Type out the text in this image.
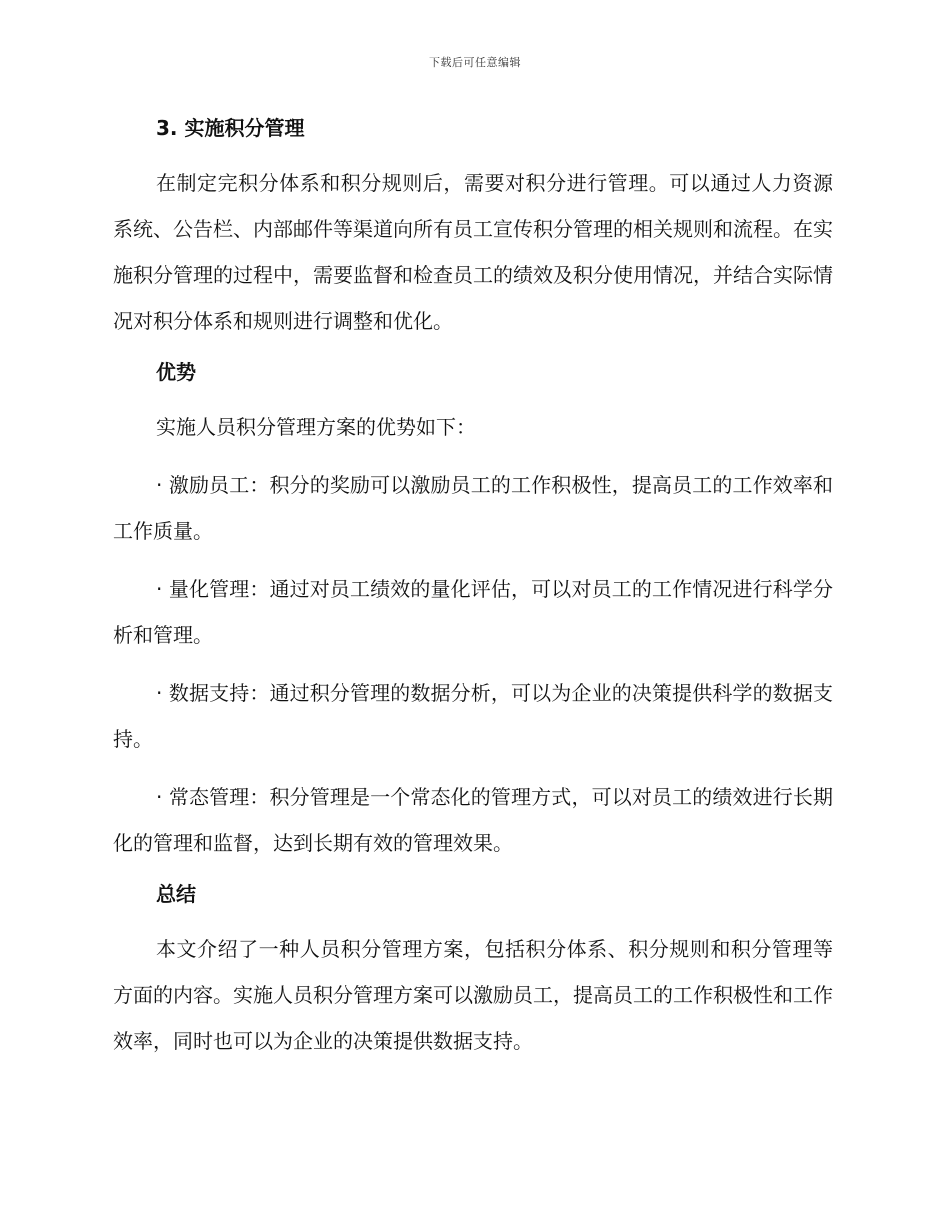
下载后可任意编辑
3. 实施积分管理

在制定完积分体系和积分规则后，需要对积分进行管理。可以通过人力资源系统、公告栏、内部邮件等渠道向所有员工宣传积分管理的相关规则和流程。在实施积分管理的过程中，需要监督和检查员工的绩效及积分使用情况，并结合实际情况对积分体系和规则进行调整和优化。

优势

实施人员积分管理方案的优势如下：

· 激励员工：积分的奖励可以激励员工的工作积极性，提高员工的工作效率和工作质量。

· 量化管理：通过对员工绩效的量化评估，可以对员工的工作情况进行科学分析和管理。

· 数据支持：通过积分管理的数据分析，可以为企业的决策提供科学的数据支持。

· 常态管理：积分管理是一个常态化的管理方式，可以对员工的绩效进行长期化的管理和监督，达到长期有效的管理效果。

总结

本文介绍了一种人员积分管理方案，包括积分体系、积分规则和积分管理等方面的内容。实施人员积分管理方案可以激励员工，提高员工的工作积极性和工作效率，同时也可以为企业的决策提供数据支持。
